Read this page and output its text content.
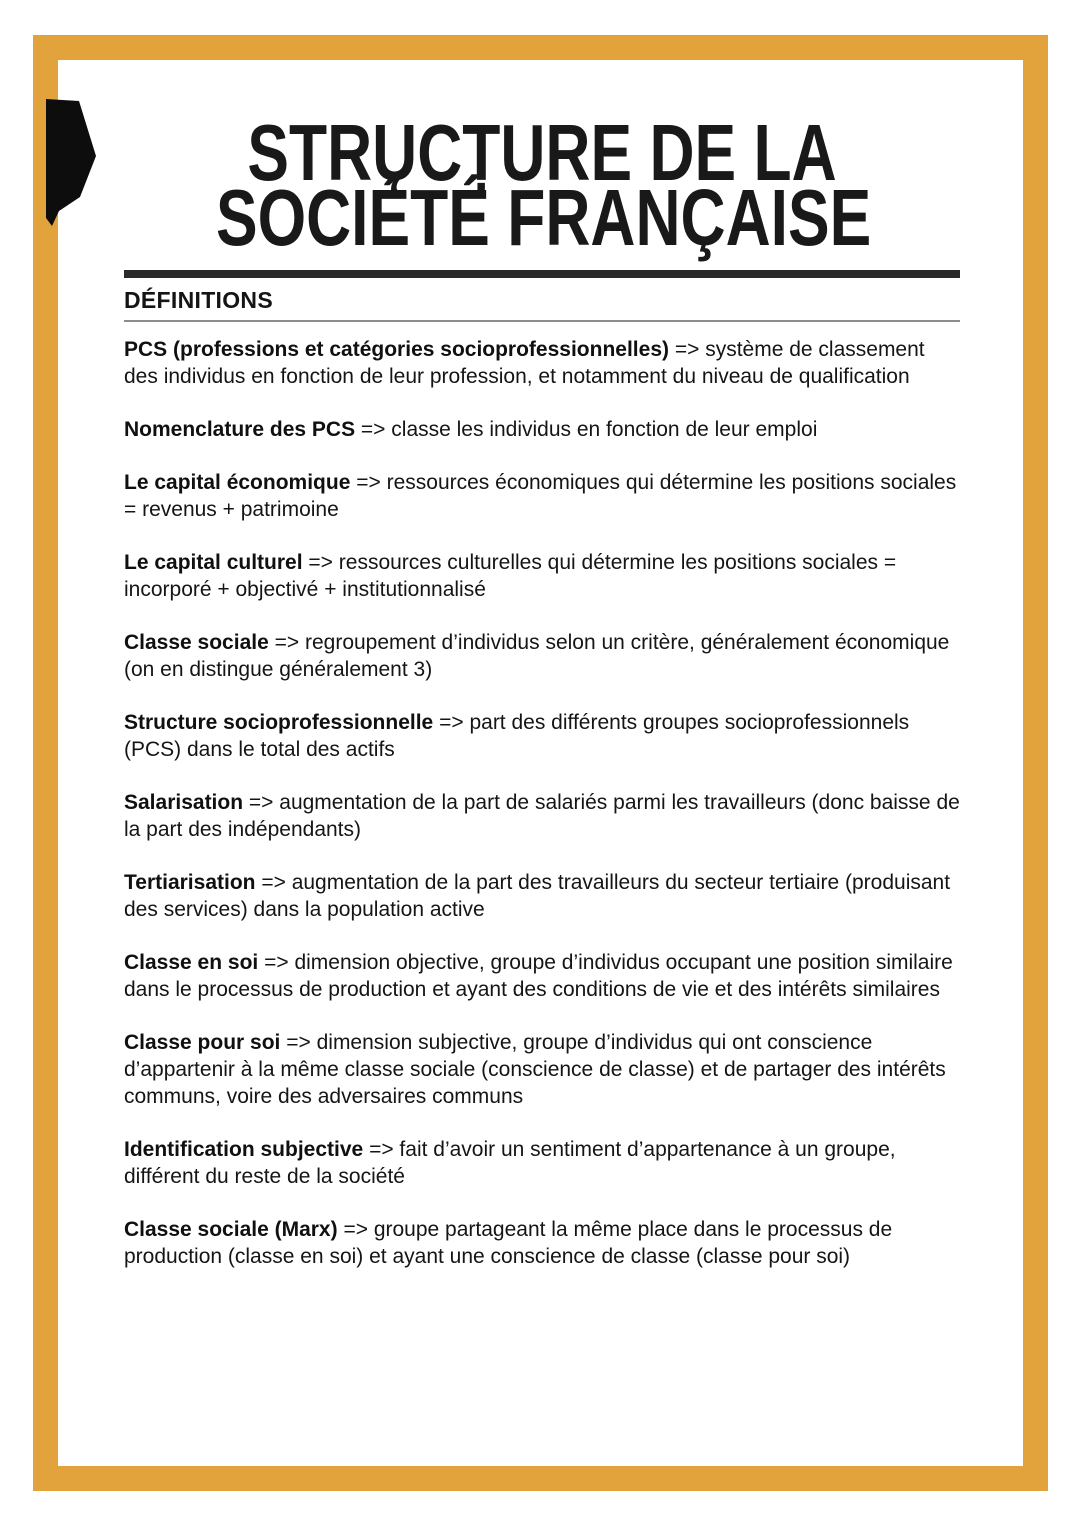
STRŲCȚURE DE LA
SOCIÉTÉ FRANÇAISE
DÉFINITIONS

PCS (professions et catégories socioprofessionnelles) => système de classement des individus en fonction de leur profession, et notamment du niveau de qualification

Nomenclature des PCS => classe les individus en fonction de leur emploi

Le capital économique => ressources économiques qui détermine les positions sociales = revenus + patrimoine

Le capital culturel => ressources culturelles qui détermine les positions sociales = incorporé + objectivé + institutionnalisé

Classe sociale => regroupement d’individus selon un critère, généralement économique (on en distingue généralement 3)

Structure socioprofessionnelle => part des différents groupes socioprofessionnels (PCS) dans le total des actifs

Salarisation => augmentation de la part de salariés parmi les travailleurs (donc baisse de la part des indépendants)

Tertiarisation => augmentation de la part des travailleurs du secteur tertiaire (produisant des services) dans la population active

Classe en soi => dimension objective, groupe d’individus occupant une position similaire dans le processus de production et ayant des conditions de vie et des intérêts similaires

Classe pour soi => dimension subjective, groupe d’individus qui ont conscience d’appartenir à la même classe sociale (conscience de classe) et de partager des intérêts communs, voire des adversaires communs

Identification subjective => fait d’avoir un sentiment d’appartenance à un groupe, différent du reste de la société

Classe sociale (Marx) => groupe partageant la même place dans le processus de production (classe en soi) et ayant une conscience de classe (classe pour soi)
